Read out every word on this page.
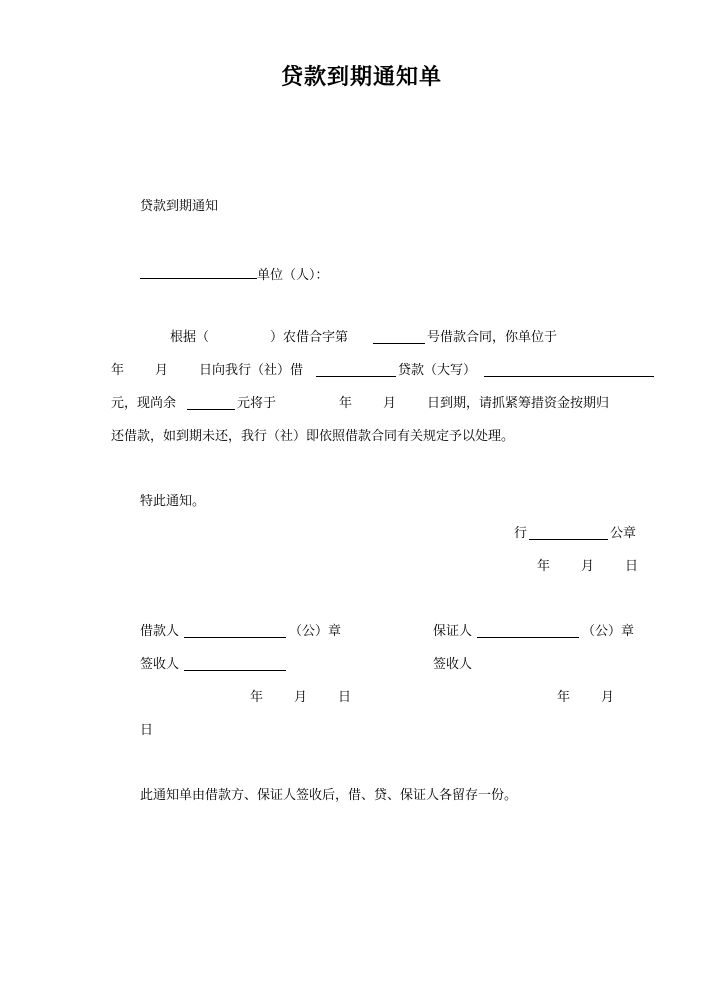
贷款到期通知单
贷款到期通知
单位（人）：
根据（	）农借合字第	号借款合同，你单位于
年 月 日向我行（社）借	贷款（大写）
元，现尚余	元将于	年 月 日到期，请抓紧筹措资金按期归
还借款，如到期未还，我行（社）即依照借款合同有关规定予以处理。
特此通知。
行	公章
年 月 日
借款人	（公）章	保证人	（公）章
签收人	签收人
年 月 日	年 月
日
此通知单由借款方、保证人签收后，借、贷、保证人各留存一份。
